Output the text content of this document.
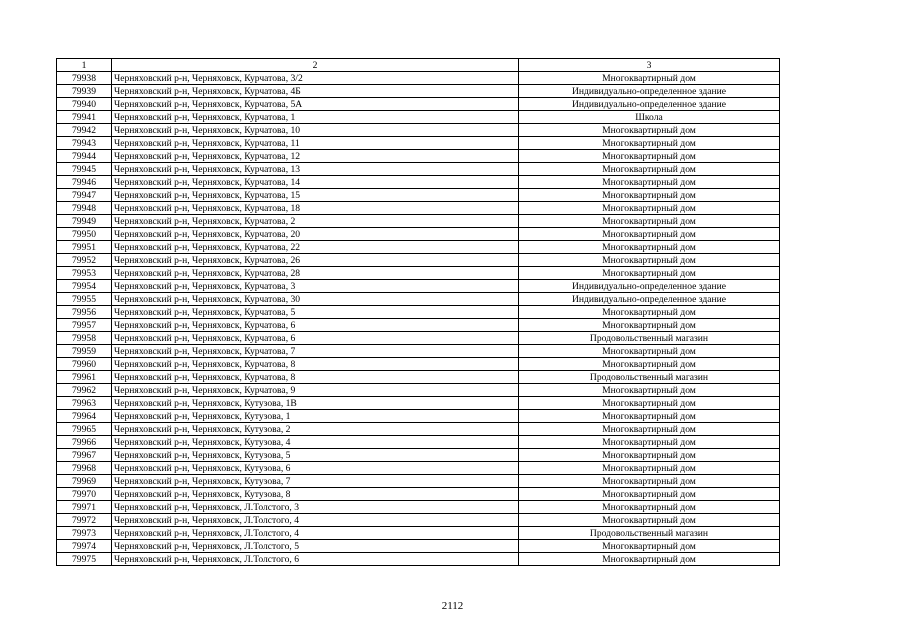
1	2	3
79938	Черняховский р-н, Черняховск, Курчатова, 3/2	Многоквартирный дом
79939	Черняховский р-н, Черняховск, Курчатова, 4Б	Индивидуально-определенное здание
79940	Черняховский р-н, Черняховск, Курчатова, 5А	Индивидуально-определенное здание
79941	Черняховский р-н, Черняховск, Курчатова, 1	Школа
79942	Черняховский р-н, Черняховск, Курчатова, 10	Многоквартирный дом
79943	Черняховский р-н, Черняховск, Курчатова, 11	Многоквартирный дом
79944	Черняховский р-н, Черняховск, Курчатова, 12	Многоквартирный дом
79945	Черняховский р-н, Черняховск, Курчатова, 13	Многоквартирный дом
79946	Черняховский р-н, Черняховск, Курчатова, 14	Многоквартирный дом
79947	Черняховский р-н, Черняховск, Курчатова, 15	Многоквартирный дом
79948	Черняховский р-н, Черняховск, Курчатова, 18	Многоквартирный дом
79949	Черняховский р-н, Черняховск, Курчатова, 2	Многоквартирный дом
79950	Черняховский р-н, Черняховск, Курчатова, 20	Многоквартирный дом
79951	Черняховский р-н, Черняховск, Курчатова, 22	Многоквартирный дом
79952	Черняховский р-н, Черняховск, Курчатова, 26	Многоквартирный дом
79953	Черняховский р-н, Черняховск, Курчатова, 28	Многоквартирный дом
79954	Черняховский р-н, Черняховск, Курчатова, 3	Индивидуально-определенное здание
79955	Черняховский р-н, Черняховск, Курчатова, 30	Индивидуально-определенное здание
79956	Черняховский р-н, Черняховск, Курчатова, 5	Многоквартирный дом
79957	Черняховский р-н, Черняховск, Курчатова, 6	Многоквартирный дом
79958	Черняховский р-н, Черняховск, Курчатова, 6	Продовольственный магазин
79959	Черняховский р-н, Черняховск, Курчатова, 7	Многоквартирный дом
79960	Черняховский р-н, Черняховск, Курчатова, 8	Многоквартирный дом
79961	Черняховский р-н, Черняховск, Курчатова, 8	Продовольственный магазин
79962	Черняховский р-н, Черняховск, Курчатова, 9	Многоквартирный дом
79963	Черняховский р-н, Черняховск, Кутузова, 1В	Многоквартирный дом
79964	Черняховский р-н, Черняховск, Кутузова, 1	Многоквартирный дом
79965	Черняховский р-н, Черняховск, Кутузова, 2	Многоквартирный дом
79966	Черняховский р-н, Черняховск, Кутузова, 4	Многоквартирный дом
79967	Черняховский р-н, Черняховск, Кутузова, 5	Многоквартирный дом
79968	Черняховский р-н, Черняховск, Кутузова, 6	Многоквартирный дом
79969	Черняховский р-н, Черняховск, Кутузова, 7	Многоквартирный дом
79970	Черняховский р-н, Черняховск, Кутузова, 8	Многоквартирный дом
79971	Черняховский р-н, Черняховск, Л.Толстого, 3	Многоквартирный дом
79972	Черняховский р-н, Черняховск, Л.Толстого, 4	Многоквартирный дом
79973	Черняховский р-н, Черняховск, Л.Толстого, 4	Продовольственный магазин
79974	Черняховский р-н, Черняховск, Л.Толстого, 5	Многоквартирный дом
79975	Черняховский р-н, Черняховск, Л.Толстого, 6	Многоквартирный дом
2112
